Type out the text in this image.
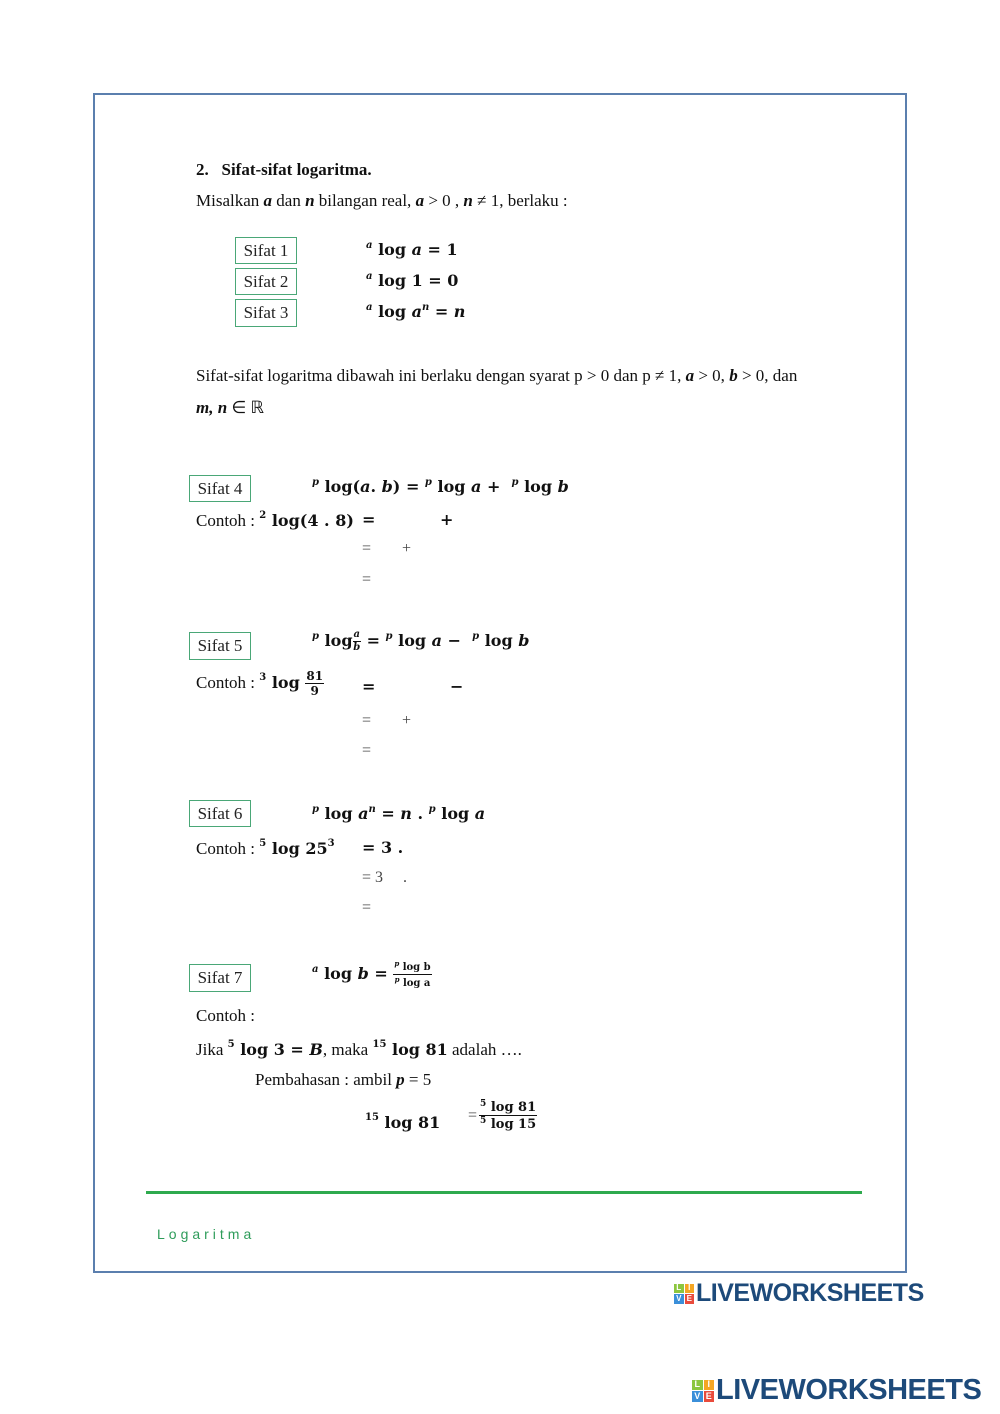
2. Sifat-sifat logaritma.
Misalkan a dan n bilangan real, a > 0 , n ≠ 1, berlaku :
Sifat 1	$^a$ log a = 1
Sifat 2	$^a$ log 1 = 0
Sifat 3	$^a$ $\log a^n = n$
Sifat-sifat logaritma dibawah ini berlaku dengan syarat p > 0 dan p ≠ 1, a > 0, b > 0, dan
m, n ∈ ℝ
Sifat 4	$^p$ log(a. b) = $^p$ log a +  $^p$ log b
Contoh : $^2$ log(4 . 8) =	+
= +
=
Sifat 5	$^p$ $\log \frac{a}{b} = ^p$ log a −  $^p$ log b
Contoh : $^3$ $\log \frac{81}{9}$ =	−
= +
=
Sifat 6	$^p$ $\log a^n = n$ . $^p$ log a
Contoh : $^5$ $\log 25^3 = 3$ .
= 3     .
=
Sifat 7	$^a$ $\log b = \frac{^p \log b}{^p \log a}$
Contoh :
Jika $^5$ log 3 = B, maka $^{15}$ log 81 adalah ….
Pembahasan : ambil p = 5
$^{15}$ $\log 81 = \frac{^5 \log 81}{^5 \log 15}$
Logaritma
L I
V E LIVEWORKSHEETS
L I
V E LIVEWORKSHEETS
